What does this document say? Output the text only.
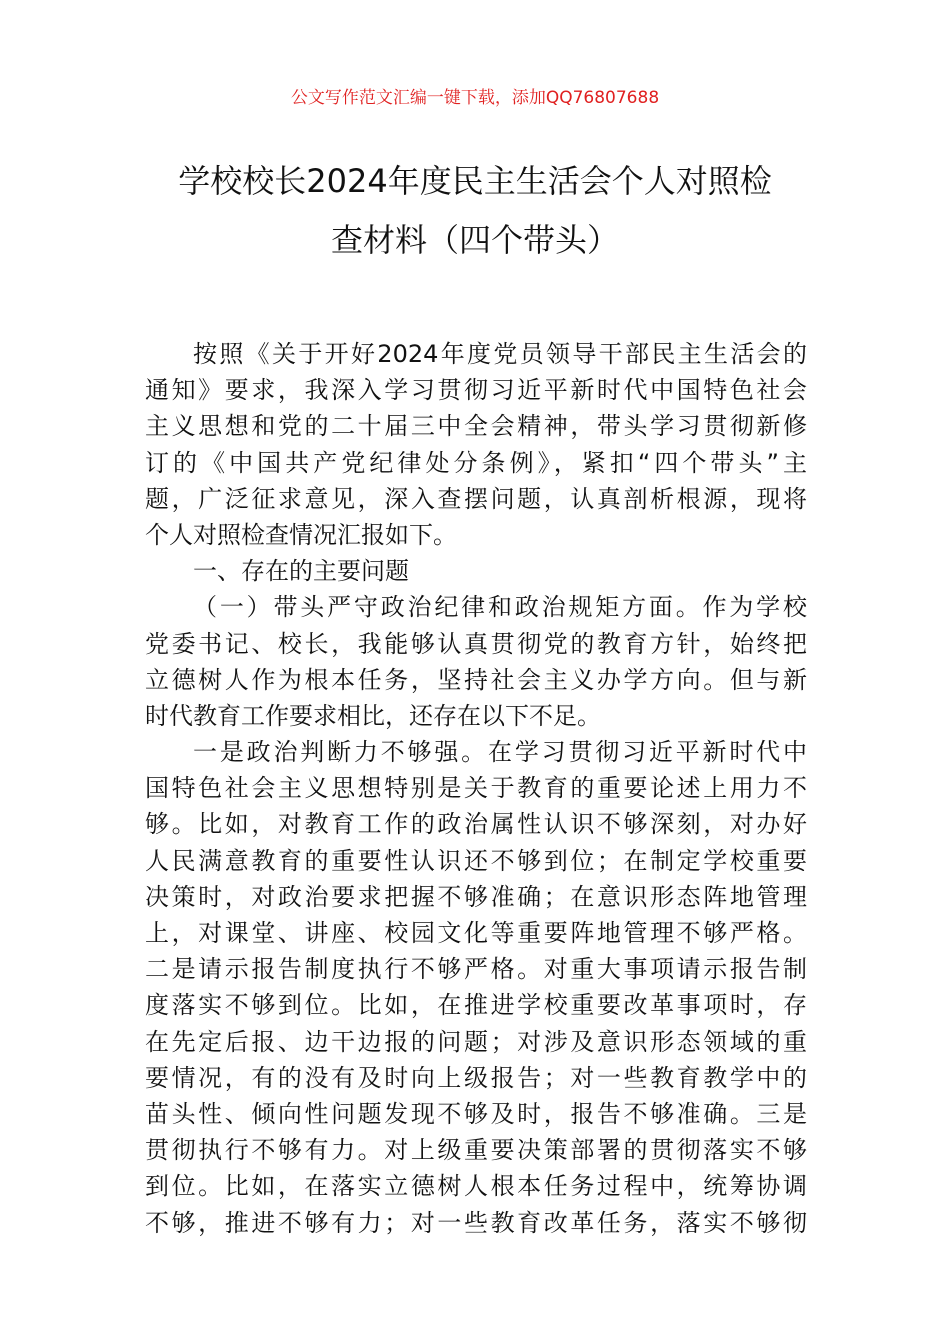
公文写作范文汇编一键下载，添加QQ76807688
学校校长2024年度民主生活会个人对照检
查材料（四个带头）
按照《关于开好2024年度党员领导干部民主生活会的
通知》要求，我深入学习贯彻习近平新时代中国特色社会
主义思想和党的二十届三中全会精神，带头学习贯彻新修
订的《中国共产党纪律处分条例》，紧扣“四个带头”主
题，广泛征求意见，深入查摆问题，认真剖析根源，现将
个人对照检查情况汇报如下。
一、存在的主要问题
（一）带头严守政治纪律和政治规矩方面。作为学校
党委书记、校长，我能够认真贯彻党的教育方针，始终把
立德树人作为根本任务，坚持社会主义办学方向。但与新
时代教育工作要求相比，还存在以下不足。
一是政治判断力不够强。在学习贯彻习近平新时代中
国特色社会主义思想特别是关于教育的重要论述上用力不
够。比如，对教育工作的政治属性认识不够深刻，对办好
人民满意教育的重要性认识还不够到位；在制定学校重要
决策时，对政治要求把握不够准确；在意识形态阵地管理
上，对课堂、讲座、校园文化等重要阵地管理不够严格。
二是请示报告制度执行不够严格。对重大事项请示报告制
度落实不够到位。比如，在推进学校重要改革事项时，存
在先定后报、边干边报的问题；对涉及意识形态领域的重
要情况，有的没有及时向上级报告；对一些教育教学中的
苗头性、倾向性问题发现不够及时，报告不够准确。三是
贯彻执行不够有力。对上级重要决策部署的贯彻落实不够
到位。比如，在落实立德树人根本任务过程中，统筹协调
不够，推进不够有力；对一些教育改革任务，落实不够彻
